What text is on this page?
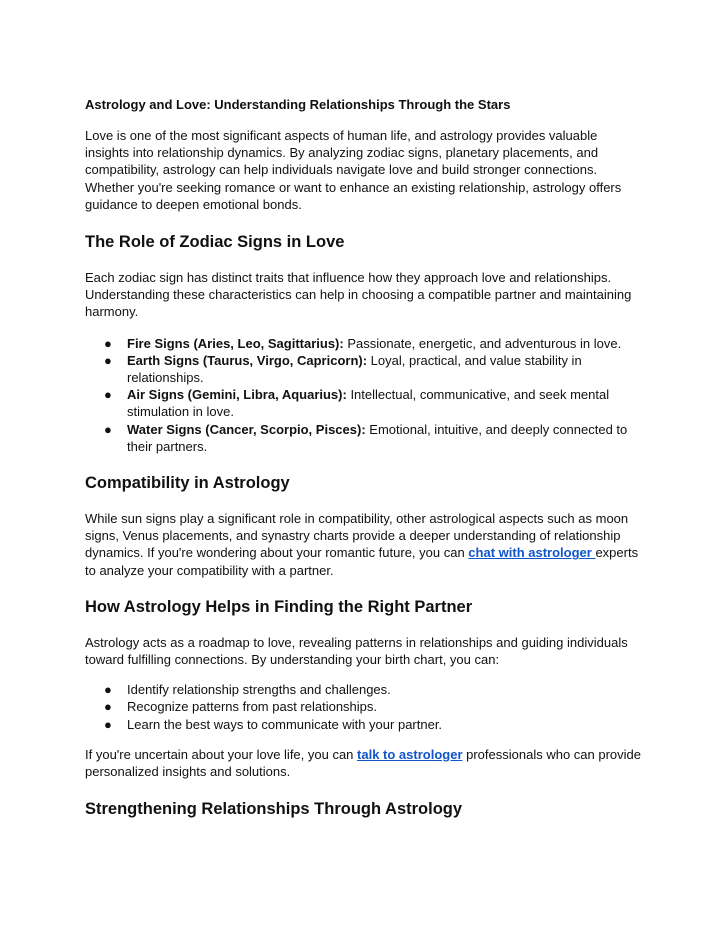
Astrology and Love: Understanding Relationships Through the Stars

Love is one of the most significant aspects of human life, and astrology provides valuable insights into relationship dynamics. By analyzing zodiac signs, planetary placements, and compatibility, astrology can help individuals navigate love and build stronger connections. Whether you're seeking romance or want to enhance an existing relationship, astrology offers guidance to deepen emotional bonds.

The Role of Zodiac Signs in Love

Each zodiac sign has distinct traits that influence how they approach love and relationships. Understanding these characteristics can help in choosing a compatible partner and maintaining harmony.

● Fire Signs (Aries, Leo, Sagittarius): Passionate, energetic, and adventurous in love.
● Earth Signs (Taurus, Virgo, Capricorn): Loyal, practical, and value stability in relationships.
● Air Signs (Gemini, Libra, Aquarius): Intellectual, communicative, and seek mental stimulation in love.
● Water Signs (Cancer, Scorpio, Pisces): Emotional, intuitive, and deeply connected to their partners.
Compatibility in Astrology

While sun signs play a significant role in compatibility, other astrological aspects such as moon signs, Venus placements, and synastry charts provide a deeper understanding of relationship dynamics. If you're wondering about your romantic future, you can chat with astrologer experts to analyze your compatibility with a partner.

How Astrology Helps in Finding the Right Partner

Astrology acts as a roadmap to love, revealing patterns in relationships and guiding individuals toward fulfilling connections. By understanding your birth chart, you can:

● Identify relationship strengths and challenges.
● Recognize patterns from past relationships.
● Learn the best ways to communicate with your partner.

If you're uncertain about your love life, you can talk to astrologer professionals who can provide personalized insights and solutions.

Strengthening Relationships Through Astrology
